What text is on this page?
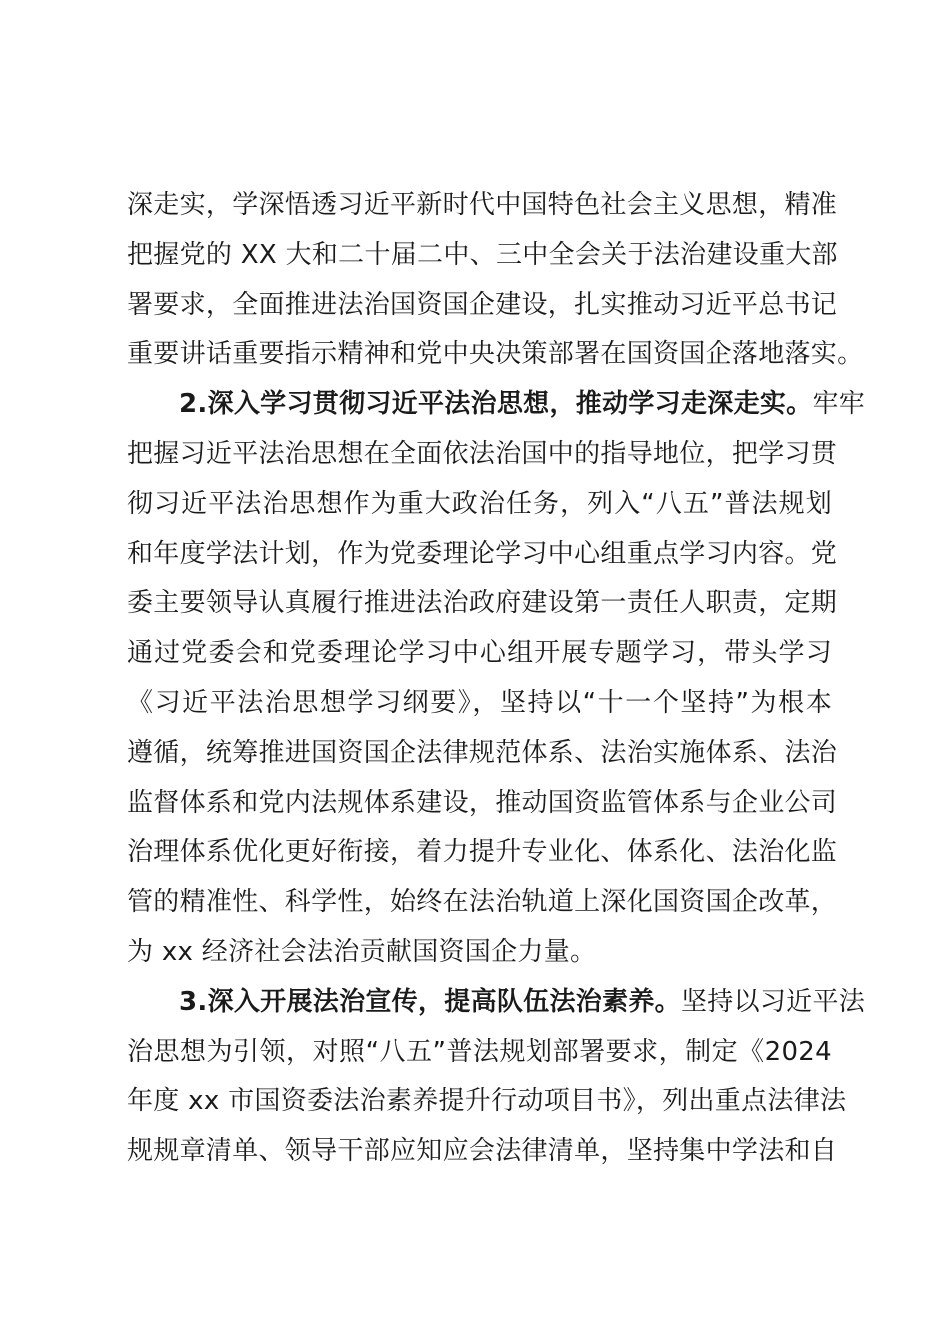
深走实，学深悟透习近平新时代中国特色社会主义思想，精准
把握党的 XX 大和二十届二中、三中全会关于法治建设重大部
署要求，全面推进法治国资国企建设，扎实推动习近平总书记
重要讲话重要指示精神和党中央决策部署在国资国企落地落实。
2.深入学习贯彻习近平法治思想，推动学习走深走实。牢牢
把握习近平法治思想在全面依法治国中的指导地位，把学习贯
彻习近平法治思想作为重大政治任务，列入“八五”普法规划
和年度学法计划，作为党委理论学习中心组重点学习内容。党
委主要领导认真履行推进法治政府建设第一责任人职责，定期
通过党委会和党委理论学习中心组开展专题学习，带头学习
《习近平法治思想学习纲要》，坚持以“十一个坚持”为根本
遵循，统筹推进国资国企法律规范体系、法治实施体系、法治
监督体系和党内法规体系建设，推动国资监管体系与企业公司
治理体系优化更好衔接，着力提升专业化、体系化、法治化监
管的精准性、科学性，始终在法治轨道上深化国资国企改革，
为 xx 经济社会法治贡献国资国企力量。
3.深入开展法治宣传，提高队伍法治素养。坚持以习近平法
治思想为引领，对照“八五”普法规划部署要求，制定《2024
年度 xx 市国资委法治素养提升行动项目书》，列出重点法律法
规规章清单、领导干部应知应会法律清单，坚持集中学法和自
